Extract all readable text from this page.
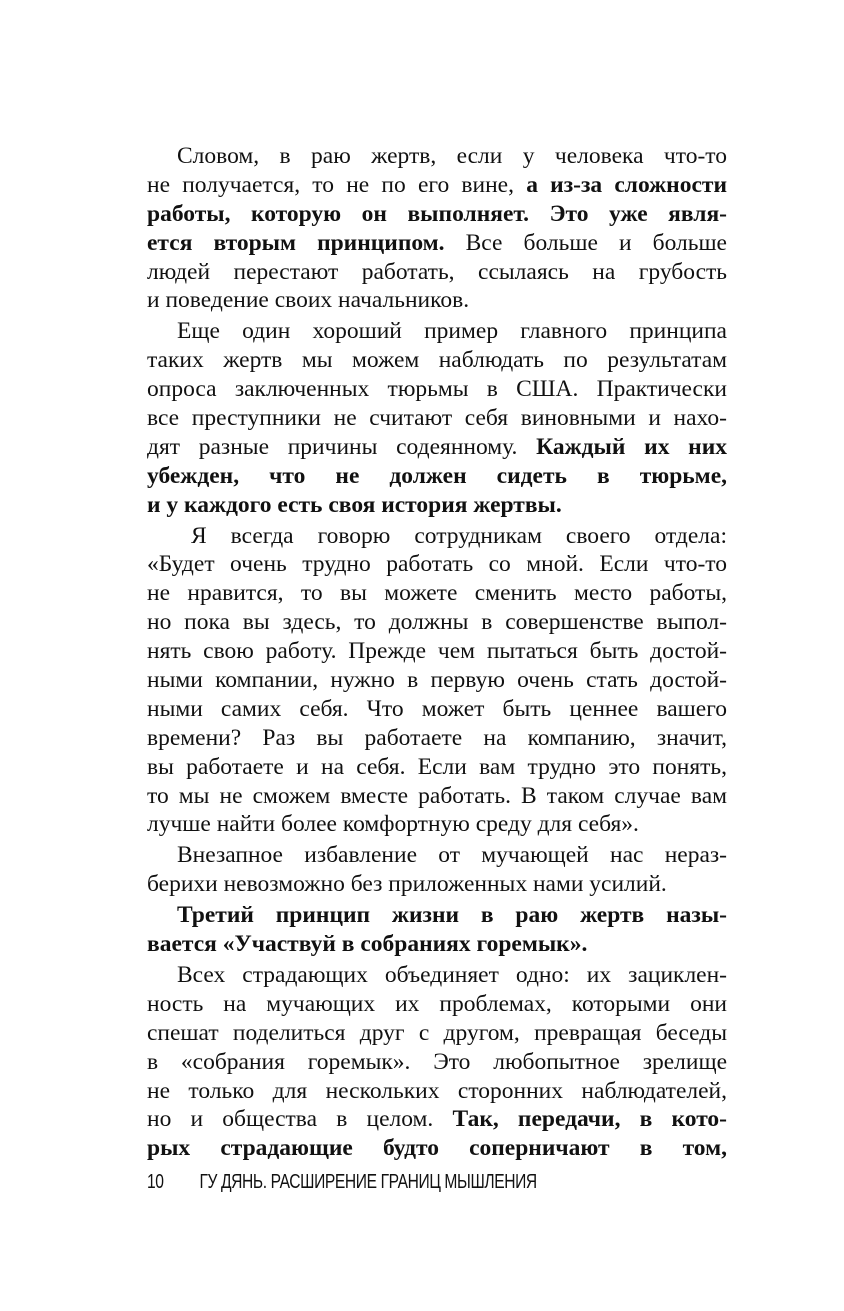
Словом, в раю жертв, если у человека что-то
не получается, то не по его вине, а из-за сложности
работы, которую он выполняет. Это уже явля-
ется вторым принципом. Все больше и больше
людей перестают работать, ссылаясь на грубость
и поведение своих начальников.
Еще один хороший пример главного принципа
таких жертв мы можем наблюдать по результатам
опроса заключенных тюрьмы в США. Практически
все преступники не считают себя виновными и нахо-
дят разные причины содеянному. Каждый их них
убежден, что не должен сидеть в тюрьме,
и у каждого есть своя история жертвы.
Я всегда говорю сотрудникам своего отдела:
«Будет очень трудно работать со мной. Если что-то
не нравится, то вы можете сменить место работы,
но пока вы здесь, то должны в совершенстве выпол-
нять свою работу. Прежде чем пытаться быть достой-
ными компании, нужно в первую очень стать достой-
ными самих себя. Что может быть ценнее вашего
времени? Раз вы работаете на компанию, значит,
вы работаете и на себя. Если вам трудно это понять,
то мы не сможем вместе работать. В таком случае вам
лучше найти более комфортную среду для себя».
Внезапное избавление от мучающей нас нераз-
берихи невозможно без приложенных нами усилий.
Третий принцип жизни в раю жертв назы-
вается «Участвуй в собраниях горемык».
Всех страдающих объединяет одно: их зациклен-
ность на мучающих их проблемах, которыми они
спешат поделиться друг с другом, превращая беседы
в «собрания горемык». Это любопытное зрелище
не только для нескольких сторонних наблюдателей,
но и общества в целом. Так, передачи, в кото-
рых страдающие будто соперничают в том,
10 ГУ ДЯНЬ. РАСШИРЕНИЕ ГРАНИЦ МЫШЛЕНИЯ
